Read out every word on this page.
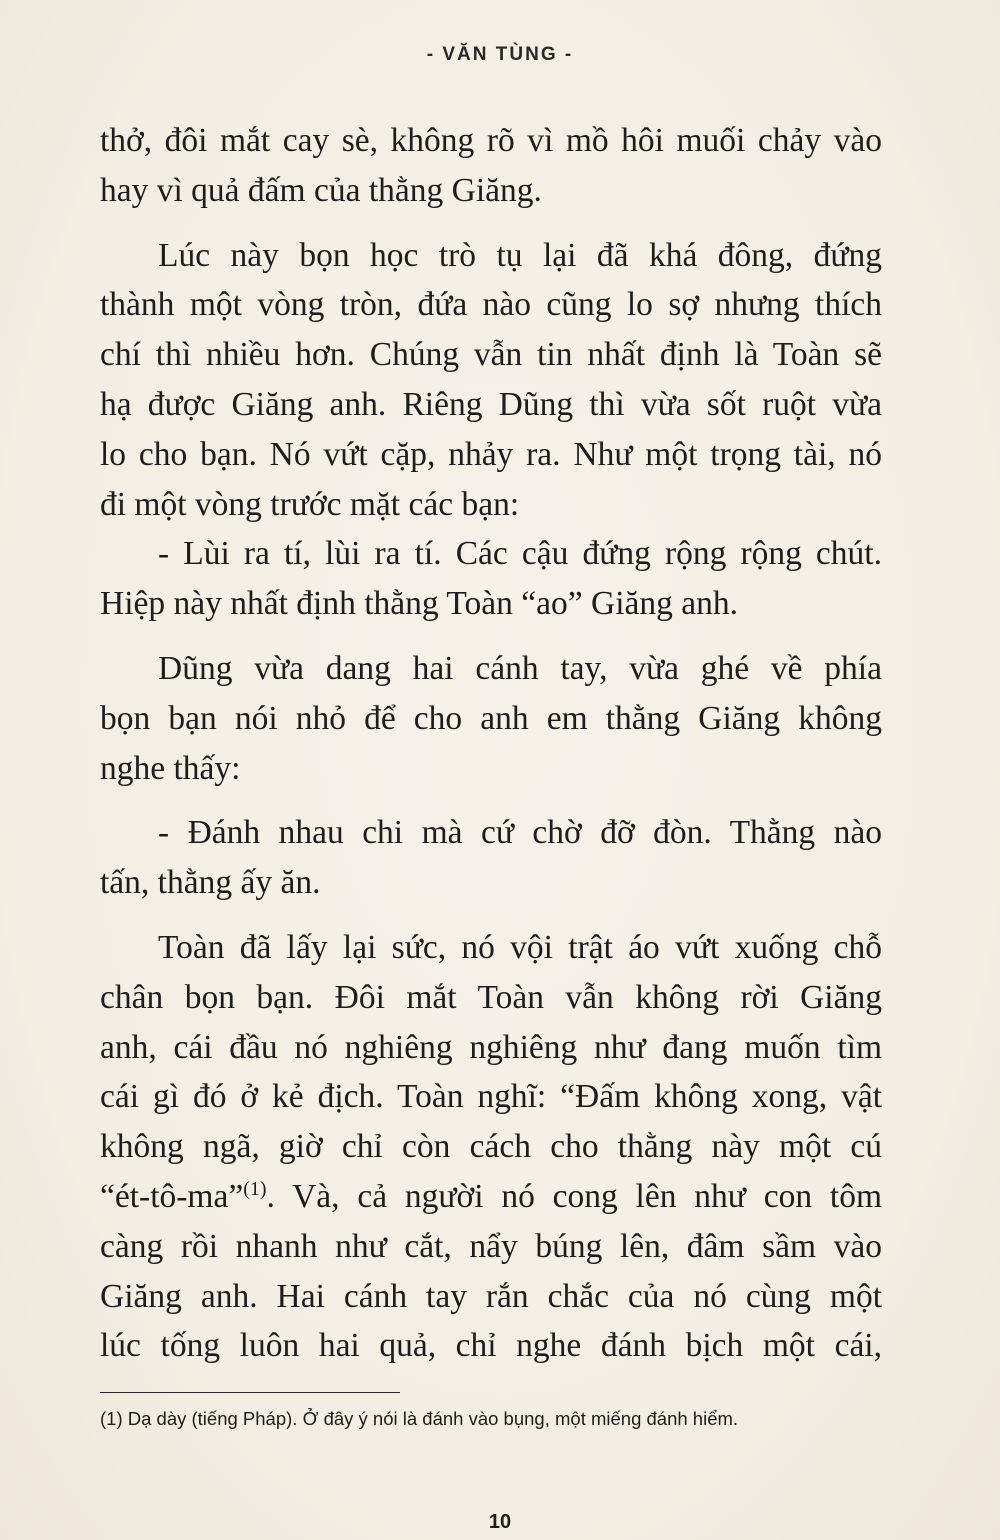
- VĂN TÙNG -
thở, đôi mắt cay sè, không rõ vì mồ hôi muối chảy vào
hay vì quả đấm của thằng Giăng.
Lúc này bọn học trò tụ lại đã khá đông, đứng
thành một vòng tròn, đứa nào cũng lo sợ nhưng thích
chí thì nhiều hơn. Chúng vẫn tin nhất định là Toàn sẽ
hạ được Giăng anh. Riêng Dũng thì vừa sốt ruột vừa
lo cho bạn. Nó vứt cặp, nhảy ra. Như một trọng tài, nó
đi một vòng trước mặt các bạn:
- Lùi ra tí, lùi ra tí. Các cậu đứng rộng rộng chút.
Hiệp này nhất định thằng Toàn “ao” Giăng anh.
Dũng vừa dang hai cánh tay, vừa ghé về phía
bọn bạn nói nhỏ để cho anh em thằng Giăng không
nghe thấy:
- Đánh nhau chi mà cứ chờ đỡ đòn. Thằng nào
tấn, thằng ấy ăn.
Toàn đã lấy lại sức, nó vội trật áo vứt xuống chỗ
chân bọn bạn. Đôi mắt Toàn vẫn không rời Giăng
anh, cái đầu nó nghiêng nghiêng như đang muốn tìm
cái gì đó ở kẻ địch. Toàn nghĩ: “Đấm không xong, vật
không ngã, giờ chỉ còn cách cho thằng này một cú
“ét-tô-ma”$^{(1)}$. Và, cả người nó cong lên như con tôm
càng rồi nhanh như cắt, nẩy búng lên, đâm sầm vào
Giăng anh. Hai cánh tay rắn chắc của nó cùng một
lúc tống luôn hai quả, chỉ nghe đánh bịch một cái,
(1) Dạ dày (tiếng Pháp). Ở đây ý nói là đánh vào bụng, một miếng đánh hiểm.
10
